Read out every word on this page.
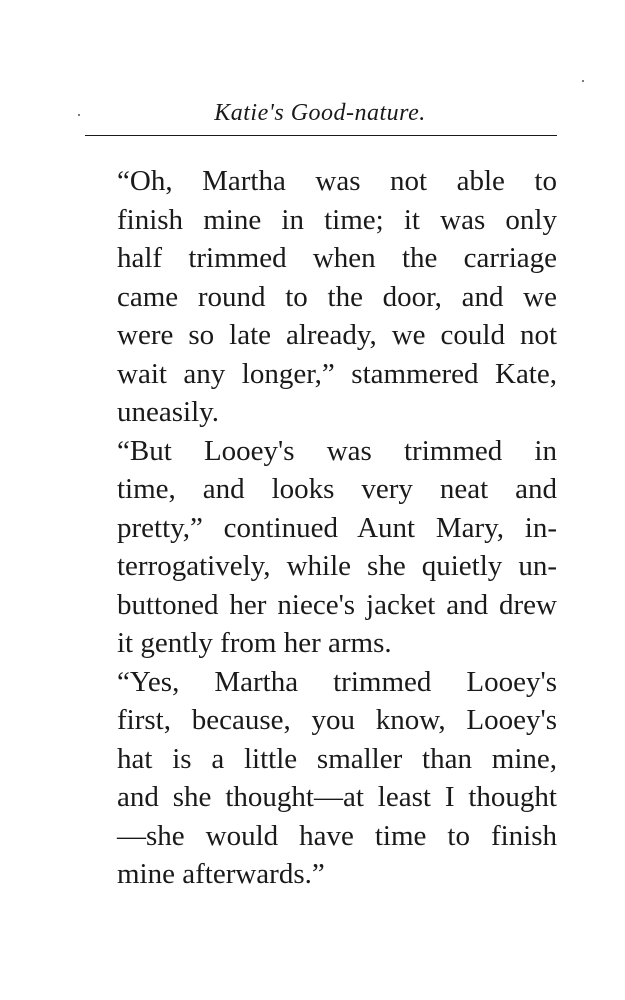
Katie's Good-nature.

“Oh, Martha was not able to
finish mine in time; it was only
half trimmed when the carriage
came round to the door, and we
were so late already, we could not
wait any longer,” stammered Kate,
uneasily.

“But Looey's was trimmed in
time, and looks very neat and
pretty,” continued Aunt Mary, in-
terrogatively, while she quietly un-
buttoned her niece's jacket and drew
it gently from her arms.

“Yes, Martha trimmed Looey's
first, because, you know, Looey's
hat is a little smaller than mine,
and she thought—at least I thought
—she would have time to finish
mine afterwards.”
